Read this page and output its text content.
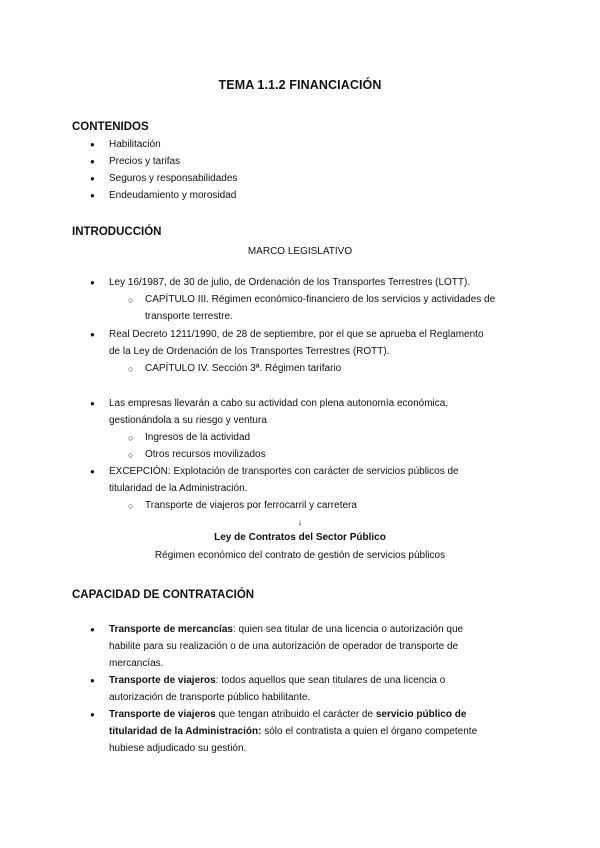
TEMA 1.1.2 FINANCIACIÓN
CONTENIDOS
● Habilitación
● Precios y tarifas
● Seguros y responsabilidades
● Endeudamiento y morosidad
INTRODUCCIÓN
MARCO LEGISLATIVO
● Ley 16/1987, de 30 de julio, de Ordenación de los Transportes Terrestres (LOTT).
○ CAPÍTULO III. Régimen económico-financiero de los servicios y actividades de
transporte terrestre.
● Real Decreto 1211/1990, de 28 de septiembre, por el que se aprueba el Reglamento
de la Ley de Ordenación de los Transportes Terrestres (ROTT).
○ CAPÍTULO IV. Sección 3ª. Régimen tarifario
● Las empresas llevarán a cabo su actividad con plena autonomía económica,
gestionándola a su riesgo y ventura
○ Ingresos de la actividad
○ Otros recursos movilizados
● EXCEPCIÓN: Explotación de transportes con carácter de servicios públicos de
titularidad de la Administración.
○ Transporte de viajeros por ferrocarril y carretera
↓
Ley de Contratos del Sector Público
Régimen económico del contrato de gestión de servicios públicos
CAPACIDAD DE CONTRATACIÓN
● Transporte de mercancías: quien sea titular de una licencia o autorización que
habilite para su realización o de una autorización de operador de transporte de
mercancías.
● Transporte de viajeros: todos aquellos que sean titulares de una licencia o
autorización de transporte público habilitante.
● Transporte de viajeros que tengan atribuido el carácter de servicio público de
titularidad de la Administración: sólo el contratista a quien el órgano competente
hubiese adjudicado su gestión.
